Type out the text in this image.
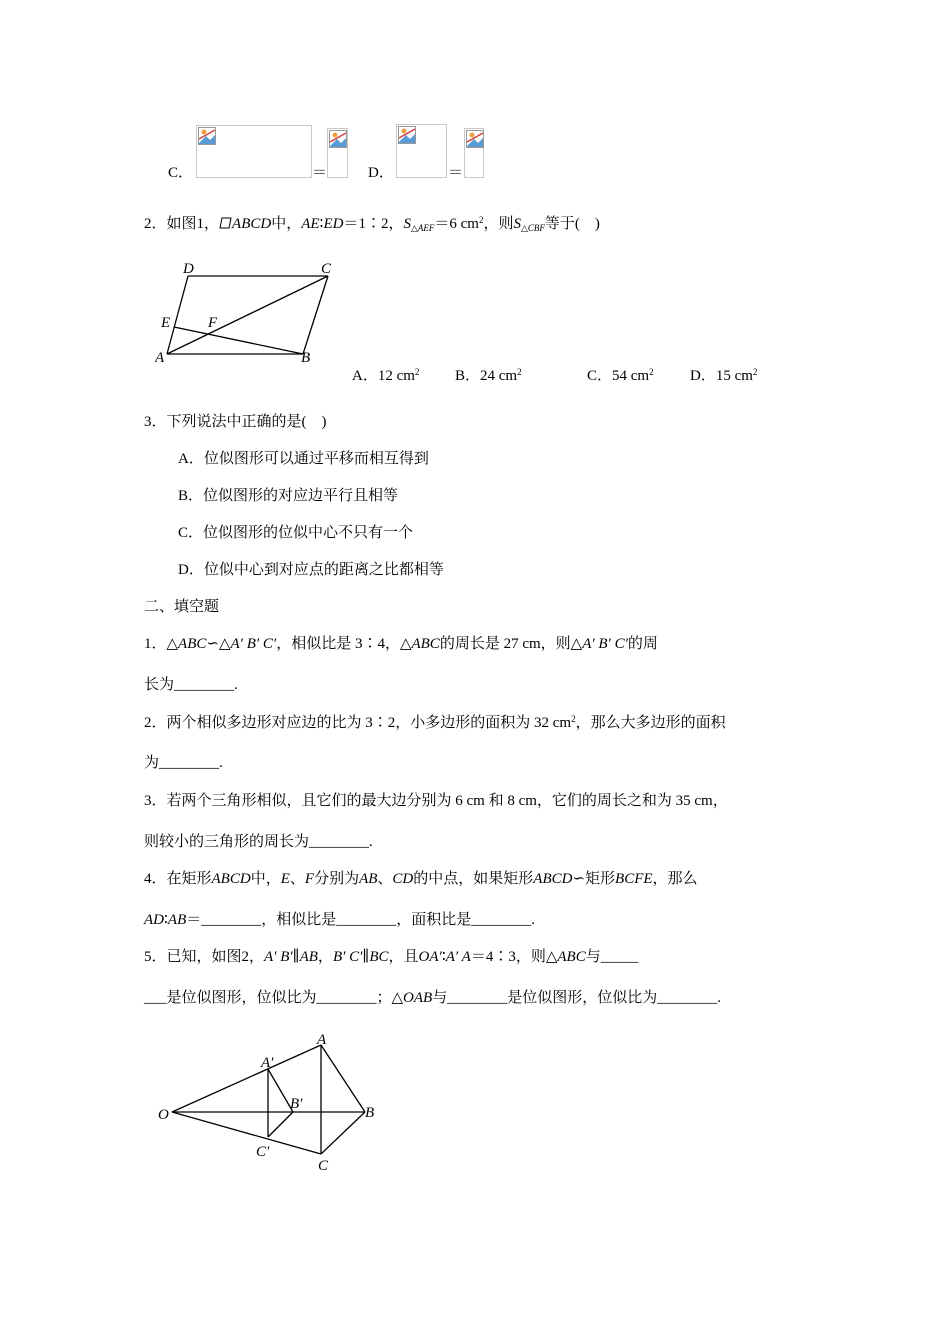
C．	＝	D．	＝
2．如图1， ABCD中，AE∶ED＝1∶2，$S_{\triangle AEF}=6$ $cm^2$，则$S_{\triangle CBF}$等于(　)
D	C
E	F
A	B
A．12 $cm^2$ B．24 $cm^2$	C．54 $cm^2$ D．15 $cm^2$
3．下列说法中正确的是(　)
A．位似图形可以通过平移而相互得到
B．位似图形的对应边平行且相等
C．位似图形的位似中心不只有一个
D．位似中心到对应点的距离之比都相等
二、填空题
1．△ABC∽△A′ B′ C′，相似比是 3∶4，△ABC的周长是 27 cm，则△A′ B′ C′的周
长为________.
2．两个相似多边形对应边的比为 3∶2，小多边形的面积为 32 $cm^2$，那么大多边形的面积
为________.
3．若两个三角形相似，且它们的最大边分别为 6 cm 和 8 cm，它们的周长之和为 35 cm，
则较小的三角形的周长为________.
4．在矩形ABCD中，E、F分别为AB、CD的中点，如果矩形ABCD∽矩形BCFE，那么
AD∶AB＝________，相似比是________，面积比是________.
5．已知，如图2，A′ B′∥AB，B′ C′∥BC，且OA′∶A′ A＝4∶3，则△ABC与_____
___是位似图形，位似比为________；△OAB与________是位似图形，位似比为________.
A
A′
B′
B
O
C′
C
